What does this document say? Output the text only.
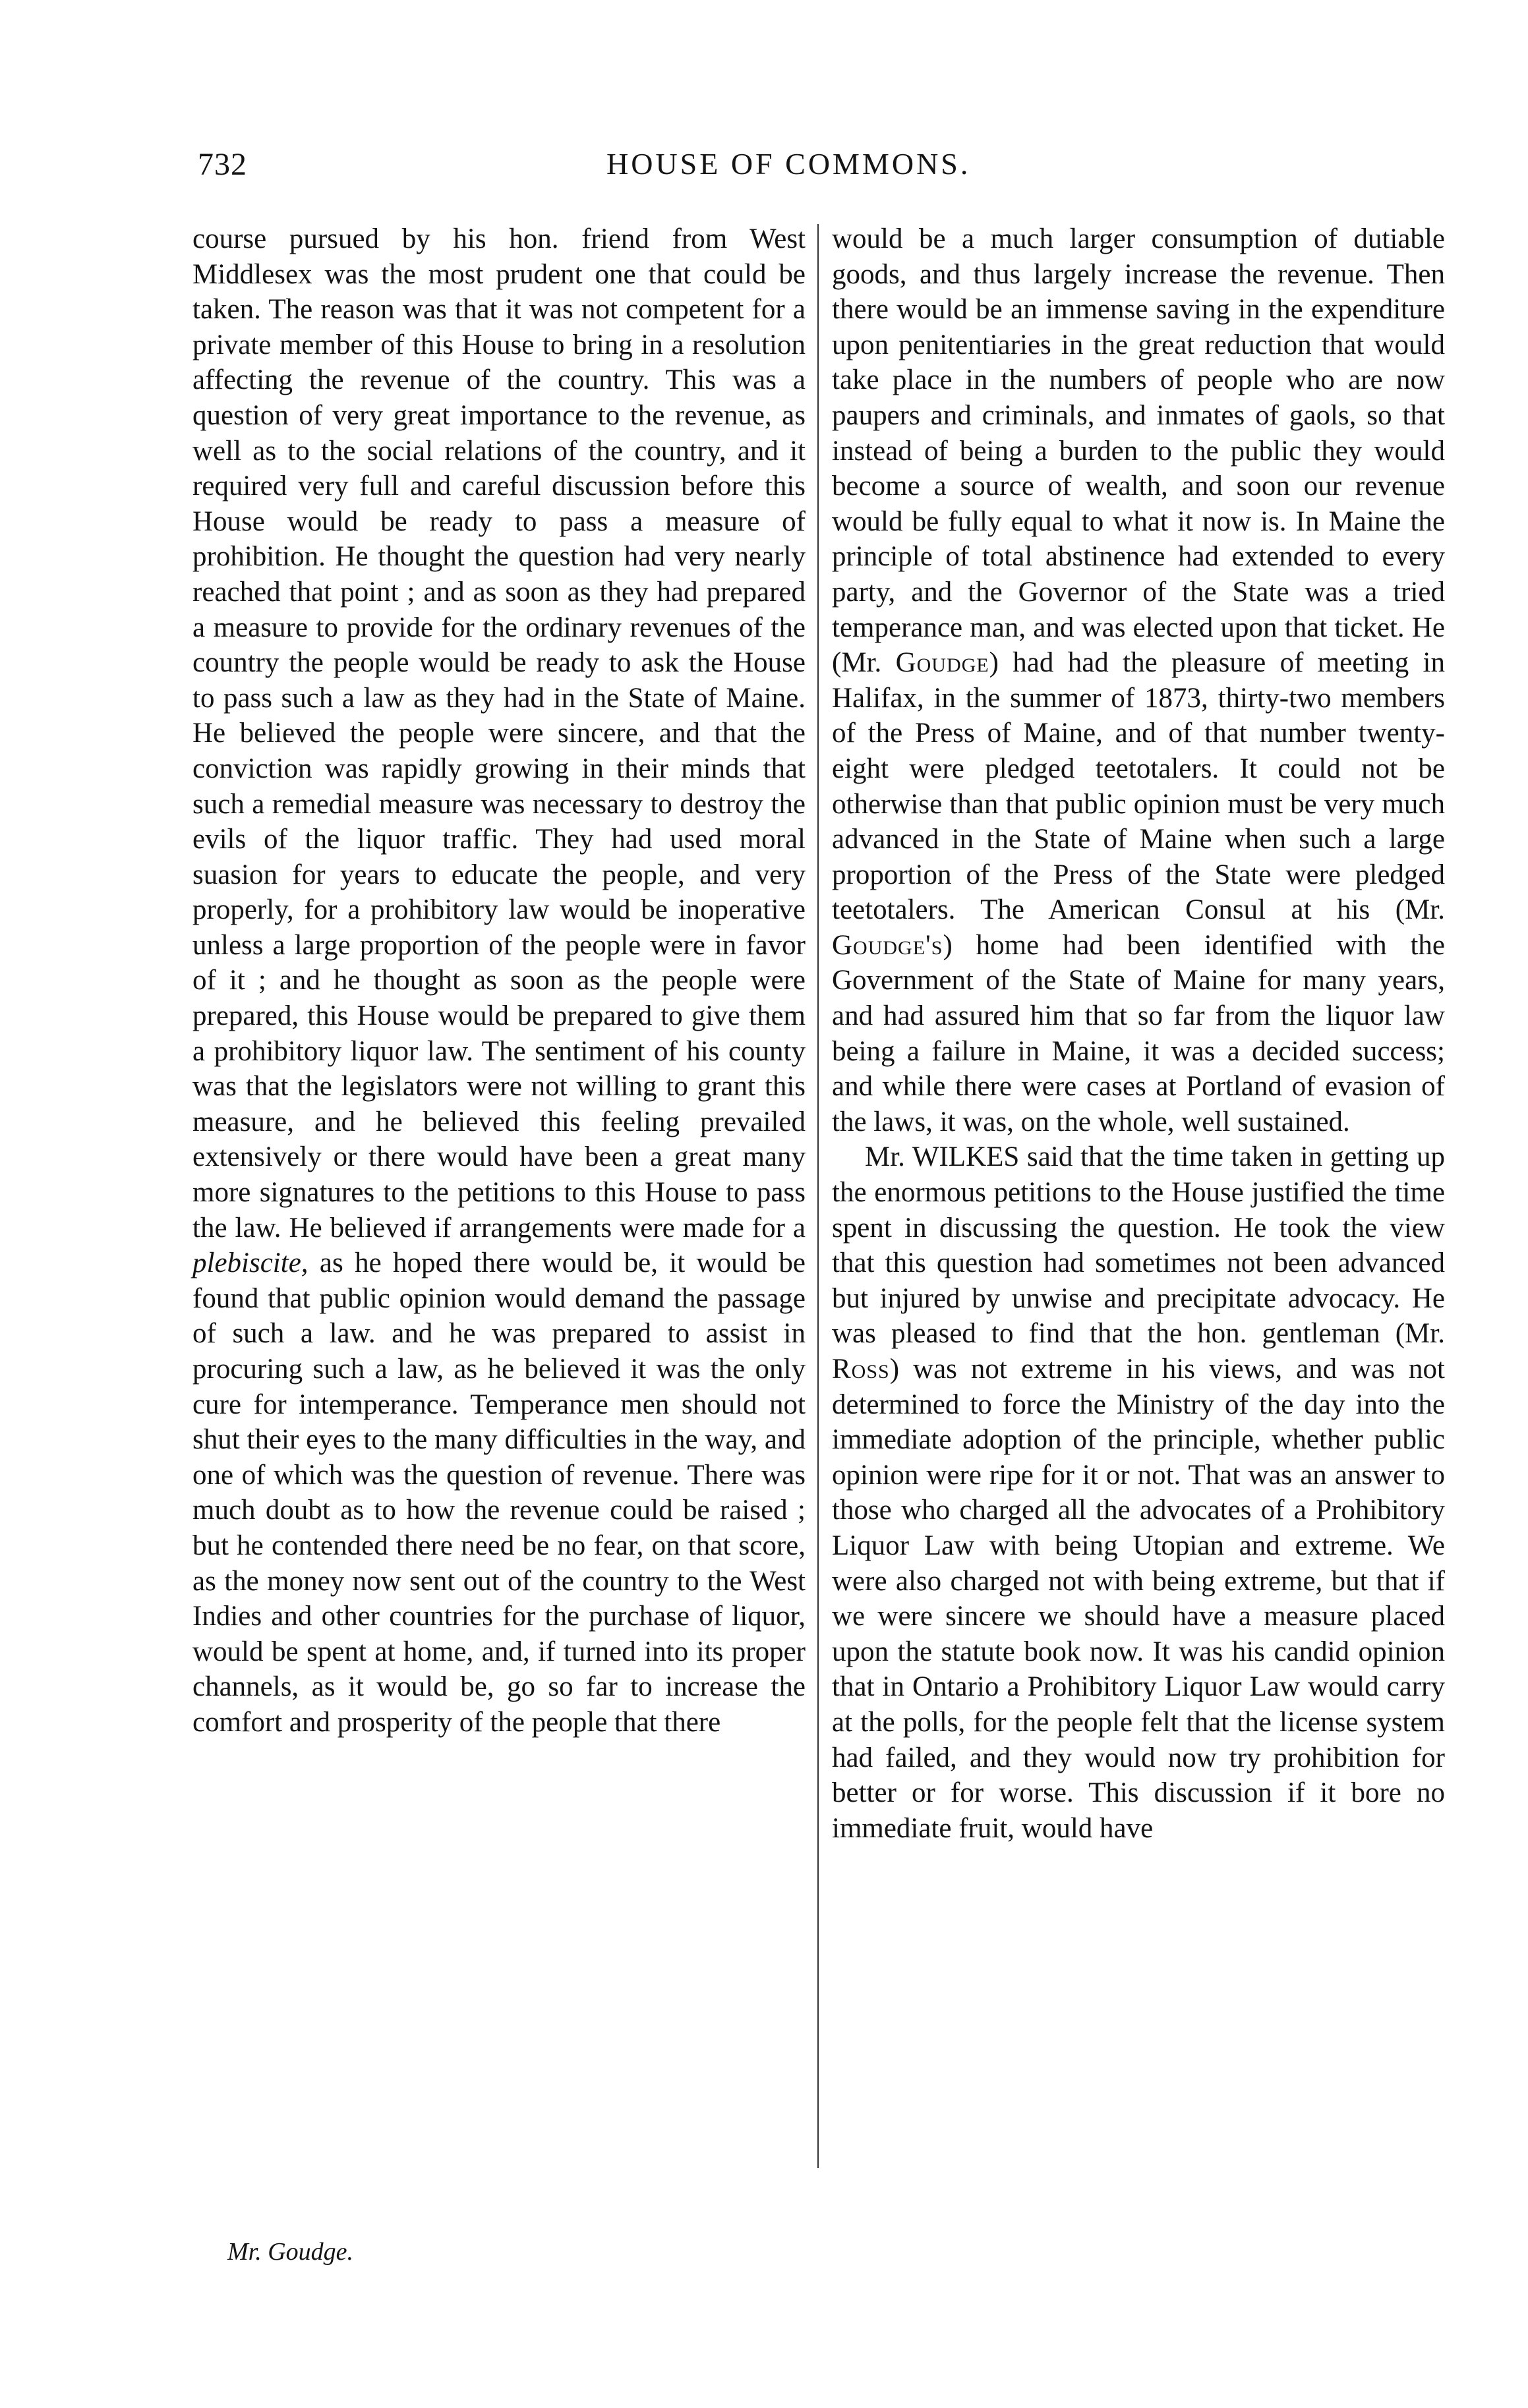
732	HOUSE OF COMMONS.

course pursued by his hon. friend from West Middlesex was the most prudent one that could be taken. The reason was that it was not competent for a private member of this House to bring in a resolution affecting the revenue of the country. This was a question of very great importance to the revenue, as well as to the social relations of the country, and it required very full and careful discussion before this House would be ready to pass a measure of prohibition. He thought the question had very nearly reached that point ; and as soon as they had prepared a measure to provide for the ordinary revenues of the country the people would be ready to ask the House to pass such a law as they had in the State of Maine. He believed the people were sincere, and that the conviction was rapidly growing in their minds that such a remedial measure was necessary to destroy the evils of the liquor traffic. They had used moral suasion for years to educate the people, and very properly, for a prohibitory law would be inoperative unless a large proportion of the people were in favor of it ; and he thought as soon as the people were prepared, this House would be prepared to give them a prohibitory liquor law. The sentiment of his county was that the legislators were not willing to grant this measure, and he believed this feeling prevailed extensively or there would have been a great many more signatures to the petitions to this House to pass the law. He believed if arrangements were made for a plebiscite, as he hoped there would be, it would be found that public opinion would demand the passage of such a law. and he was prepared to assist in procuring such a law, as he believed it was the only cure for intemperance. Temperance men should not shut their eyes to the many difficulties in the way, and one of which was the question of revenue. There was much doubt as to how the revenue could be raised ; but he contended there need be no fear, on that score, as the money now sent out of the country to the West Indies and other countries for the purchase of liquor, would be spent at home, and, if turned into its proper channels, as it would be, go so far to increase the comfort and prosperity of the people that there

would be a much larger consumption of dutiable goods, and thus largely increase the revenue. Then there would be an immense saving in the expenditure upon penitentiaries in the great reduction that would take place in the numbers of people who are now paupers and criminals, and inmates of gaols, so that instead of being a burden to the public they would become a source of wealth, and soon our revenue would be fully equal to what it now is. In Maine the principle of total abstinence had extended to every party, and the Governor of the State was a tried temperance man, and was elected upon that ticket. He (Mr. Goudge) had had the pleasure of meeting in Halifax, in the summer of 1873, thirty-two members of the Press of Maine, and of that number twenty-eight were pledged teetotalers. It could not be otherwise than that public opinion must be very much advanced in the State of Maine when such a large proportion of the Press of the State were pledged teetotalers. The American Consul at his (Mr. Goudge's) home had been identified with the Government of the State of Maine for many years, and had assured him that so far from the liquor law being a failure in Maine, it was a decided success; and while there were cases at Portland of evasion of the laws, it was, on the whole, well sustained.

Mr. WILKES said that the time taken in getting up the enormous petitions to the House justified the time spent in discussing the question. He took the view that this question had sometimes not been advanced but injured by unwise and precipitate advocacy. He was pleased to find that the hon. gentleman (Mr. Ross) was not extreme in his views, and was not determined to force the Ministry of the day into the immediate adoption of the principle, whether public opinion were ripe for it or not. That was an answer to those who charged all the advocates of a Prohibitory Liquor Law with being Utopian and extreme. We were also charged not with being extreme, but that if we were sincere we should have a measure placed upon the statute book now. It was his candid opinion that in Ontario a Prohibitory Liquor Law would carry at the polls, for the people felt that the license system had failed, and they would now try prohibition for better or for worse. This discussion if it bore no immediate fruit, would have

Mr. Goudge.
